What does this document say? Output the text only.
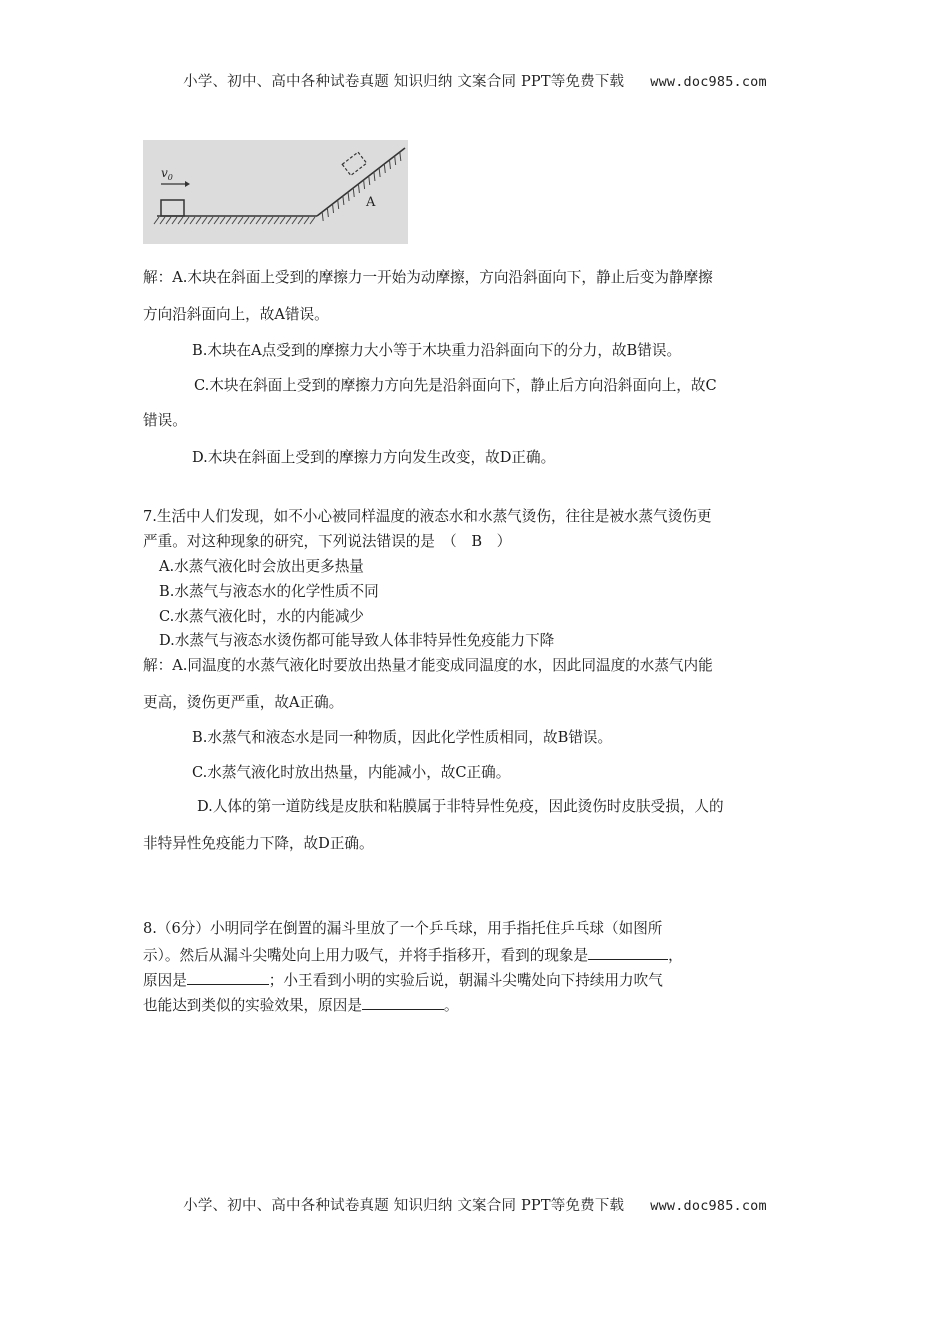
小学、初中、高中各种试卷真题 知识归纳 文案合同 PPT等免费下载 www.doc985.com
$v_0$
A
解：A.木块在斜面上受到的摩擦力一开始为动摩擦，方向沿斜面向下，静止后变为静摩擦
方向沿斜面向上，故A错误。
B.木块在A点受到的摩擦力大小等于木块重力沿斜面向下的分力，故B错误。
C.木块在斜面上受到的摩擦力方向先是沿斜面向下，静止后方向沿斜面向上，故C
错误。
D.木块在斜面上受到的摩擦力方向发生改变，故D正确。
7.生活中人们发现，如不小心被同样温度的液态水和水蒸气烫伤，往往是被水蒸气烫伤更
严重。对这种现象的研究，下列说法错误的是　（　B　）
A.水蒸气液化时会放出更多热量
B.水蒸气与液态水的化学性质不同
C.水蒸气液化时，水的内能减少
D.水蒸气与液态水烫伤都可能导致人体非特异性免疫能力下降
解：A.同温度的水蒸气液化时要放出热量才能变成同温度的水，因此同温度的水蒸气内能
更高，烫伤更严重，故A正确。
B.水蒸气和液态水是同一种物质，因此化学性质相同，故B错误。
C.水蒸气液化时放出热量，内能减小，故C正确。
D.人体的第一道防线是皮肤和粘膜属于非特异性免疫，因此烫伤时皮肤受损，人的
非特异性免疫能力下降，故D正确。
8.（6分）小明同学在倒置的漏斗里放了一个乒乓球，用手指托住乒乓球（如图所
示）。然后从漏斗尖嘴处向上用力吸气，并将手指移开，看到的现象是	，
原因是	；小王看到小明的实验后说，朝漏斗尖嘴处向下持续用力吹气
也能达到类似的实验效果，原因是	。
小学、初中、高中各种试卷真题 知识归纳 文案合同 PPT等免费下载 www.doc985.com
